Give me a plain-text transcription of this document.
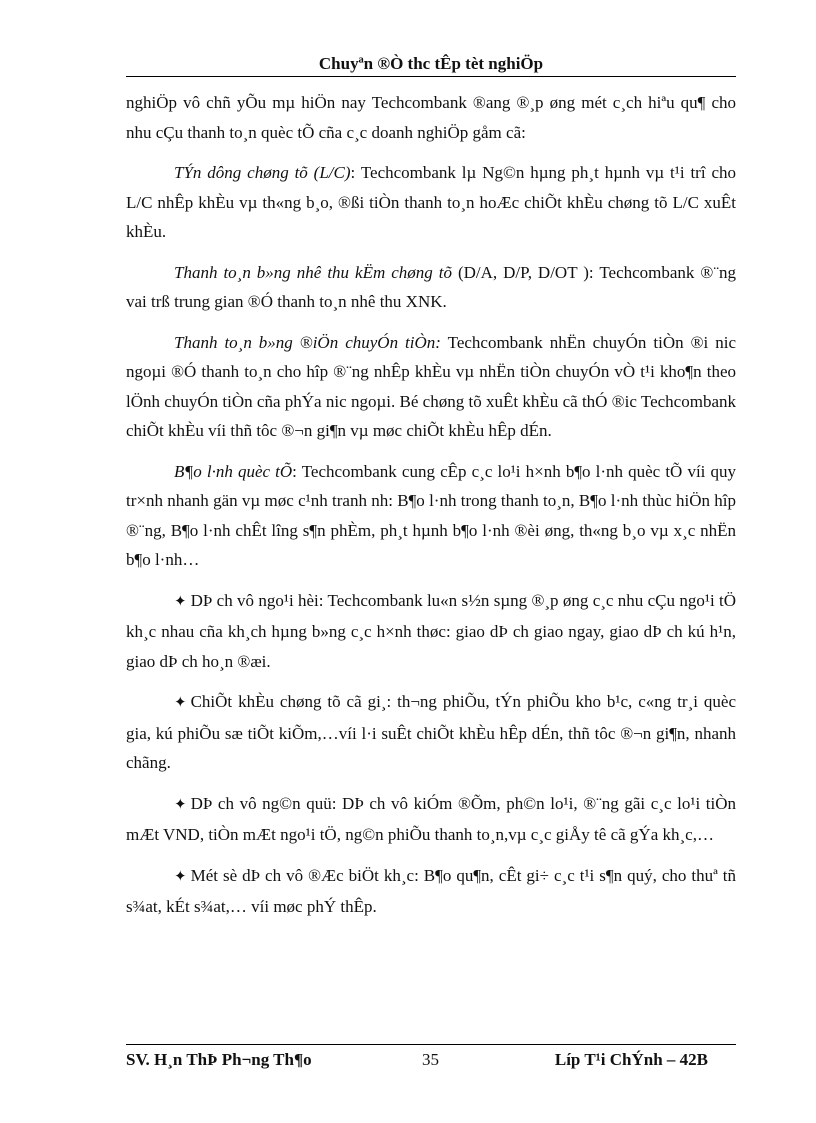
Chuyªn ®Ò thc tÊp tèt nghiÖp

nghiÖp vô chñ yÕu mµ hiÖn nay Techcombank ®ang ®¸p øng mét c¸ch hiªu qu¶ cho nhu cÇu thanh to¸n quèc tÕ cña c¸c doanh nghiÖp gåm cã:

TÝn dông chøng tõ (L/C): Techcombank lµ Ng©n hµng ph¸t hµnh vµ t¹i trî cho L/C nhÊp khÈu vµ th«ng b¸o, ®ßi tiÒn thanh to¸n hoÆc chiÕt khÈu chøng tõ L/C xuÊt khÈu.

Thanh to¸n b»ng nhê thu kËm chøng tõ (D/A, D/P, D/OT ): Techcombank ®¨ng vai trß trung gian ®Ó thanh to¸n nhê thu XNK.

Thanh to¸n b»ng ®iÖn chuyÓn tiÒn: Techcombank nhËn chuyÓn tiÒn ®i nic ngoµi ®Ó thanh to¸n cho hîp ®¨ng nhÊp khÈu vµ nhËn tiÒn chuyÓn vÒ t¹i kho¶n theo lÖnh chuyÓn tiÒn cña phÝa nic ngoµi. Bé chøng tõ xuÊt khÈu cã thÓ ®ic Techcombank chiÕt khÈu víi thñ tôc ®¬n gi¶n vµ møc chiÕt khÈu hÊp dÉn.

B¶o l·nh quèc tÕ: Techcombank cung cÊp c¸c lo¹i h×nh b¶o l·nh quèc tÕ víi quy tr×nh nhanh gän vµ møc c¹nh tranh nh: B¶o l·nh trong thanh to¸n, B¶o l·nh thùc hiÖn hîp ®¨ng, B¶o l·nh chÊt lîng s¶n phÈm, ph¸t hµnh b¶o l·nh ®èi øng, th«ng b¸o vµ x¸c nhËn b¶o l·nh…

✦ DÞ ch vô ngo¹i hèi: Techcombank lu«n s½n sµng ®¸p øng c¸c nhu cÇu ngo¹i tÖ kh¸c nhau cña kh¸ch hµng b»ng c¸c h×nh thøc: giao dÞ ch giao ngay, giao dÞ ch kú h¹n, giao dÞ ch ho¸n ®æi.

✦ ChiÕt khÈu chøng tõ cã gi¸: th¬ng phiÕu, tÝn phiÕu kho b¹c, c«ng tr¸i quèc gia, kú phiÕu sæ tiÕt kiÕm,…víi l·i suÊt chiÕt khÈu hÊp dÉn, thñ tôc ®¬n gi¶n, nhanh chãng.

✦ DÞ ch vô ng©n quü: DÞ ch vô kiÓm ®Õm, ph©n lo¹i, ®¨ng gãi c¸c lo¹i tiÒn mÆt VND, tiÒn mÆt ngo¹i tÖ, ng©n phiÕu thanh to¸n,vµ c¸c giÅy tê cã gÝa kh¸c,…

✦ Mét sè dÞ ch vô ®Æc biÖt kh¸c: B¶o qu¶n, cÊt gi÷ c¸c t¹i s¶n quý, cho thuª tñ s¾at, kÉt s¾at,… víi møc phÝ thÊp.

SV. H¸n ThÞ Ph¬ng Th¶o	35	Líp T¹i ChÝnh – 42B
